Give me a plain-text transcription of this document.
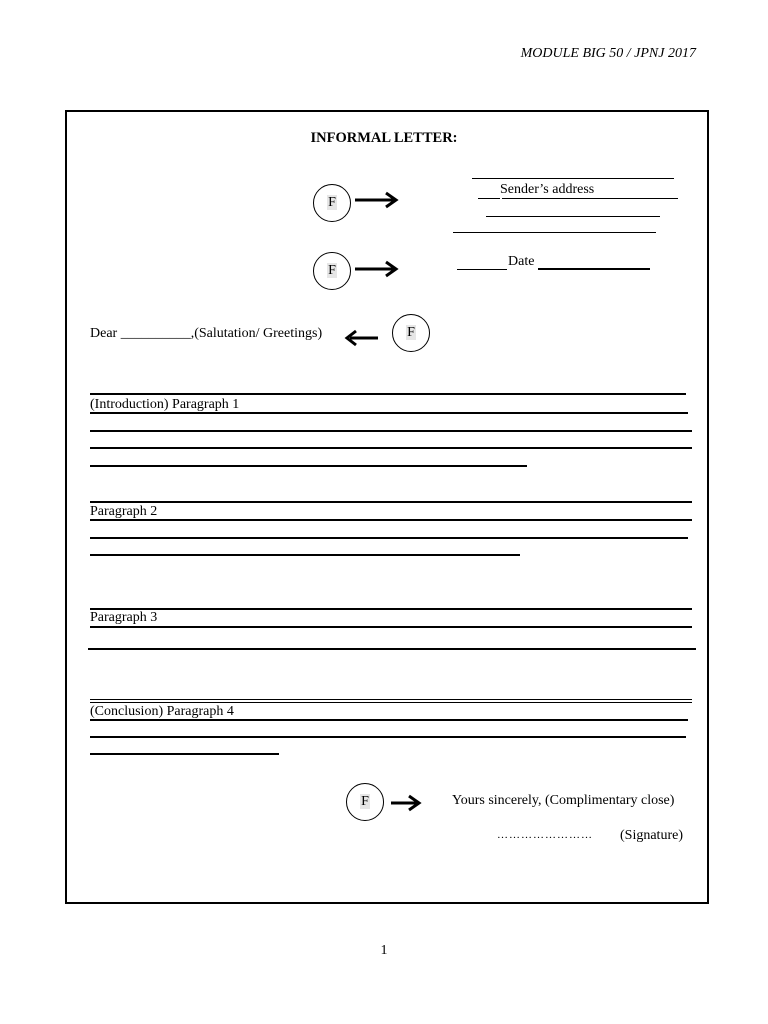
MODULE BIG 50 / JPNJ 2017
INFORMAL LETTER:
F
Sender’s address
F
Date
Dear __________,(Salutation/ Greetings)	F
(Introduction) Paragraph 1
Paragraph 2
Paragraph 3
(Conclusion) Paragraph 4
F	Yours sincerely, (Complimentary close)
…………………… (Signature)
1
